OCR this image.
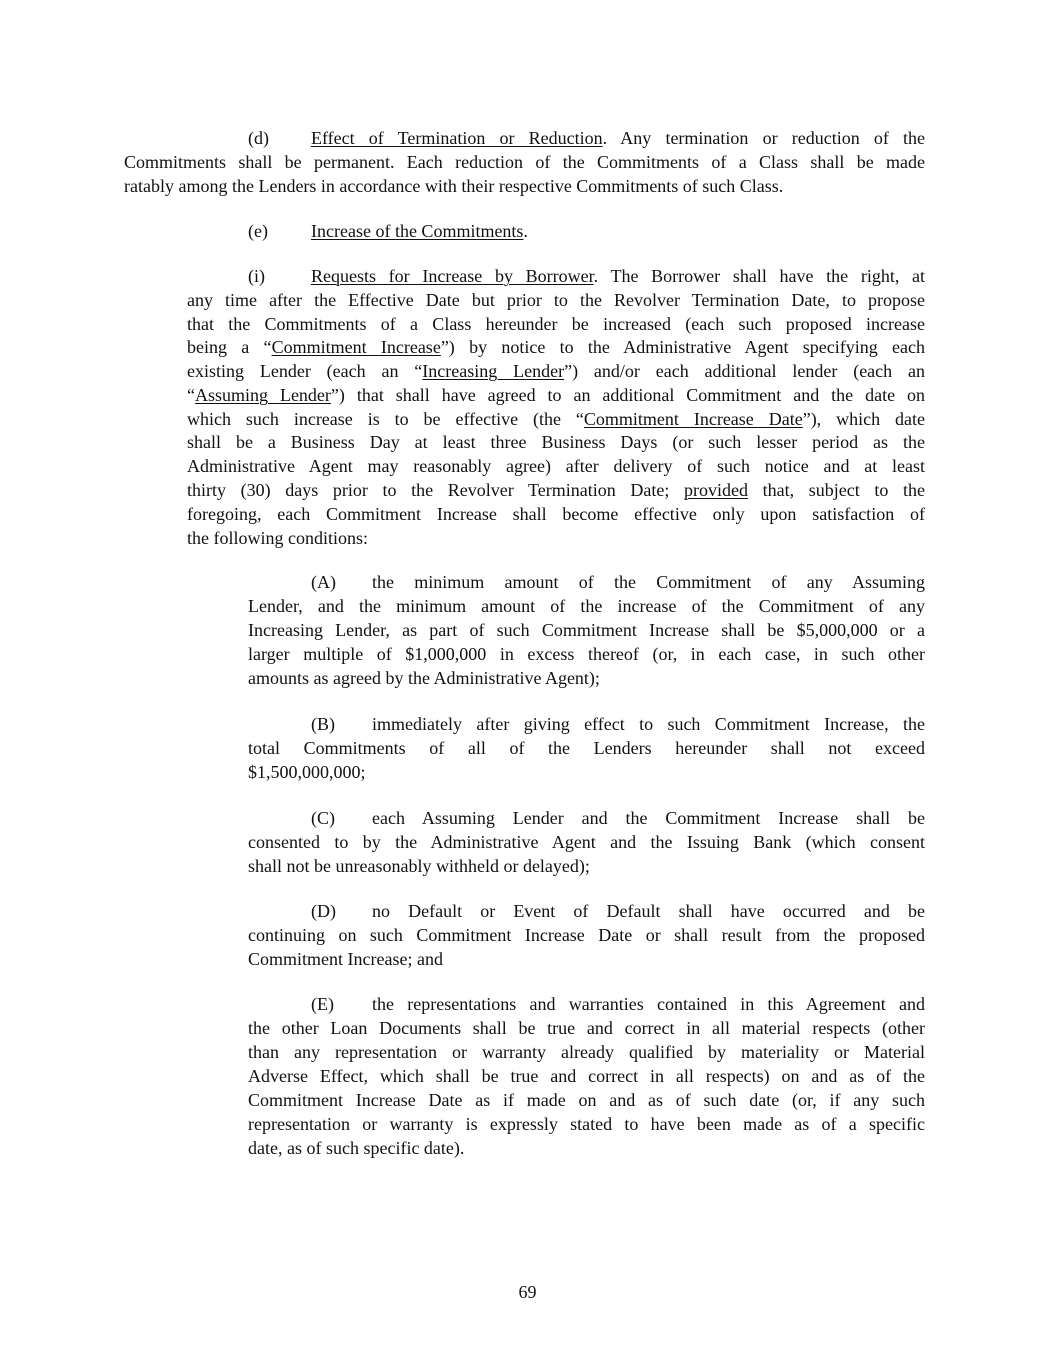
(d) Effect of Termination or Reduction. Any termination or reduction of the
Commitments shall be permanent. Each reduction of the Commitments of a Class shall be made
ratably among the Lenders in accordance with their respective Commitments of such Class.
(e) Increase of the Commitments.
(i)	Requests for Increase by Borrower. The Borrower shall have the right, at
any time after the Effective Date but prior to the Revolver Termination Date, to propose
that the Commitments of a Class hereunder be increased (each such proposed increase
being a “Commitment Increase”) by notice to the Administrative Agent specifying each
existing Lender (each an “Increasing Lender”) and/or each additional lender (each an
“Assuming Lender”) that shall have agreed to an additional Commitment and the date on
which such increase is to be effective (the “Commitment Increase Date”), which date
shall be a Business Day at least three Business Days (or such lesser period as the
Administrative Agent may reasonably agree) after delivery of such notice and at least
thirty (30) days prior to the Revolver Termination Date; provided that, subject to the
foregoing, each Commitment Increase shall become effective only upon satisfaction of
the following conditions:
(A) the minimum amount of the Commitment of any Assuming
Lender, and the minimum amount of the increase of the Commitment of any
Increasing Lender, as part of such Commitment Increase shall be $5,000,000 or a
larger multiple of $1,000,000 in excess thereof (or, in each case, in such other
amounts as agreed by the Administrative Agent);
(B) immediately after giving effect to such Commitment Increase, the
total Commitments of all of the Lenders hereunder shall not exceed
$1,500,000,000;
(C) each Assuming Lender and the Commitment Increase shall be
consented to by the Administrative Agent and the Issuing Bank (which consent
shall not be unreasonably withheld or delayed);
(D) no Default or Event of Default shall have occurred and be
continuing on such Commitment Increase Date or shall result from the proposed
Commitment Increase; and
(E) the representations and warranties contained in this Agreement and
the other Loan Documents shall be true and correct in all material respects (other
than any representation or warranty already qualified by materiality or Material
Adverse Effect, which shall be true and correct in all respects) on and as of the
Commitment Increase Date as if made on and as of such date (or, if any such
representation or warranty is expressly stated to have been made as of a specific
date, as of such specific date).
69
